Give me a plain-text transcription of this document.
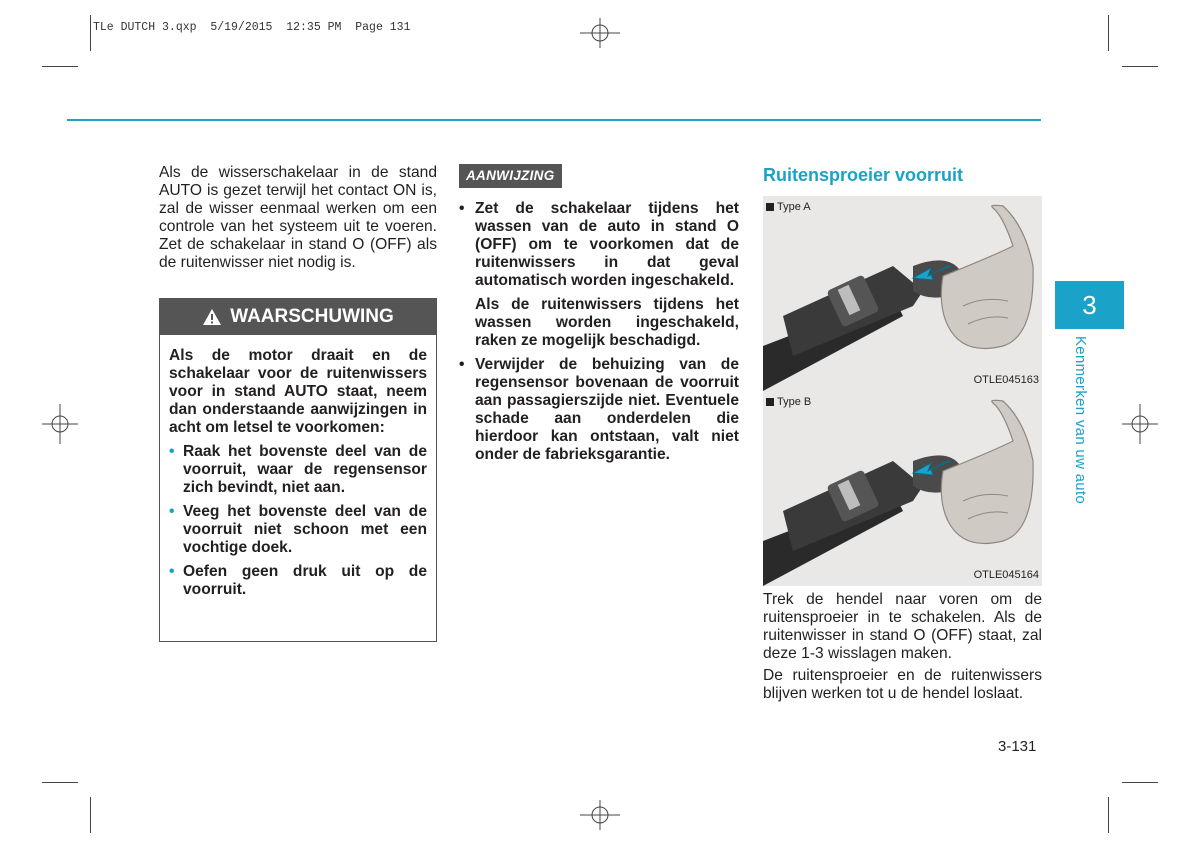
TLe DUTCH 3.qxp  5/19/2015  12:35 PM  Page 131

Als de wisserschakelaar in de stand AUTO is gezet terwijl het contact ON is, zal de wisser eenmaal werken om een controle van het systeem uit te voeren. Zet de schakelaar in stand O (OFF) als de ruitenwisser niet nodig is.

WAARSCHUWING

Als de motor draait en de schakelaar voor de ruitenwissers voor in stand AUTO staat, neem dan onderstaande aanwijzingen in acht om letsel te voorkomen:

• Raak het bovenste deel van de voorruit, waar de regensensor zich bevindt, niet aan.
• Veeg het bovenste deel van de voorruit niet schoon met een vochtige doek.
• Oefen geen druk uit op de voorruit.
AANWIJZING
• Zet de schakelaar tijdens het wassen van de auto in stand O (OFF) om te voorkomen dat de ruitenwissers in dat geval automatisch worden ingeschakeld.

Als de ruitenwissers tijdens het wassen worden ingeschakeld, raken ze mogelijk beschadigd.

• Verwijder de behuizing van de regensensor bovenaan de voorruit aan passagierszijde niet. Eventuele schade aan onderdelen die hierdoor kan ontstaan, valt niet onder de fabrieksgarantie.

Ruitensproeier voorruit
Type A
OTLE045163
Type B
OTLE045164

Trek de hendel naar voren om de ruitensproeier in te schakelen. Als de ruitenwisser in stand O (OFF) staat, zal deze 1-3 wisslagen maken.

De ruitensproeier en de ruitenwissers blijven werken tot u de hendel loslaat.

3
Kenmerken van uw auto
3-131
